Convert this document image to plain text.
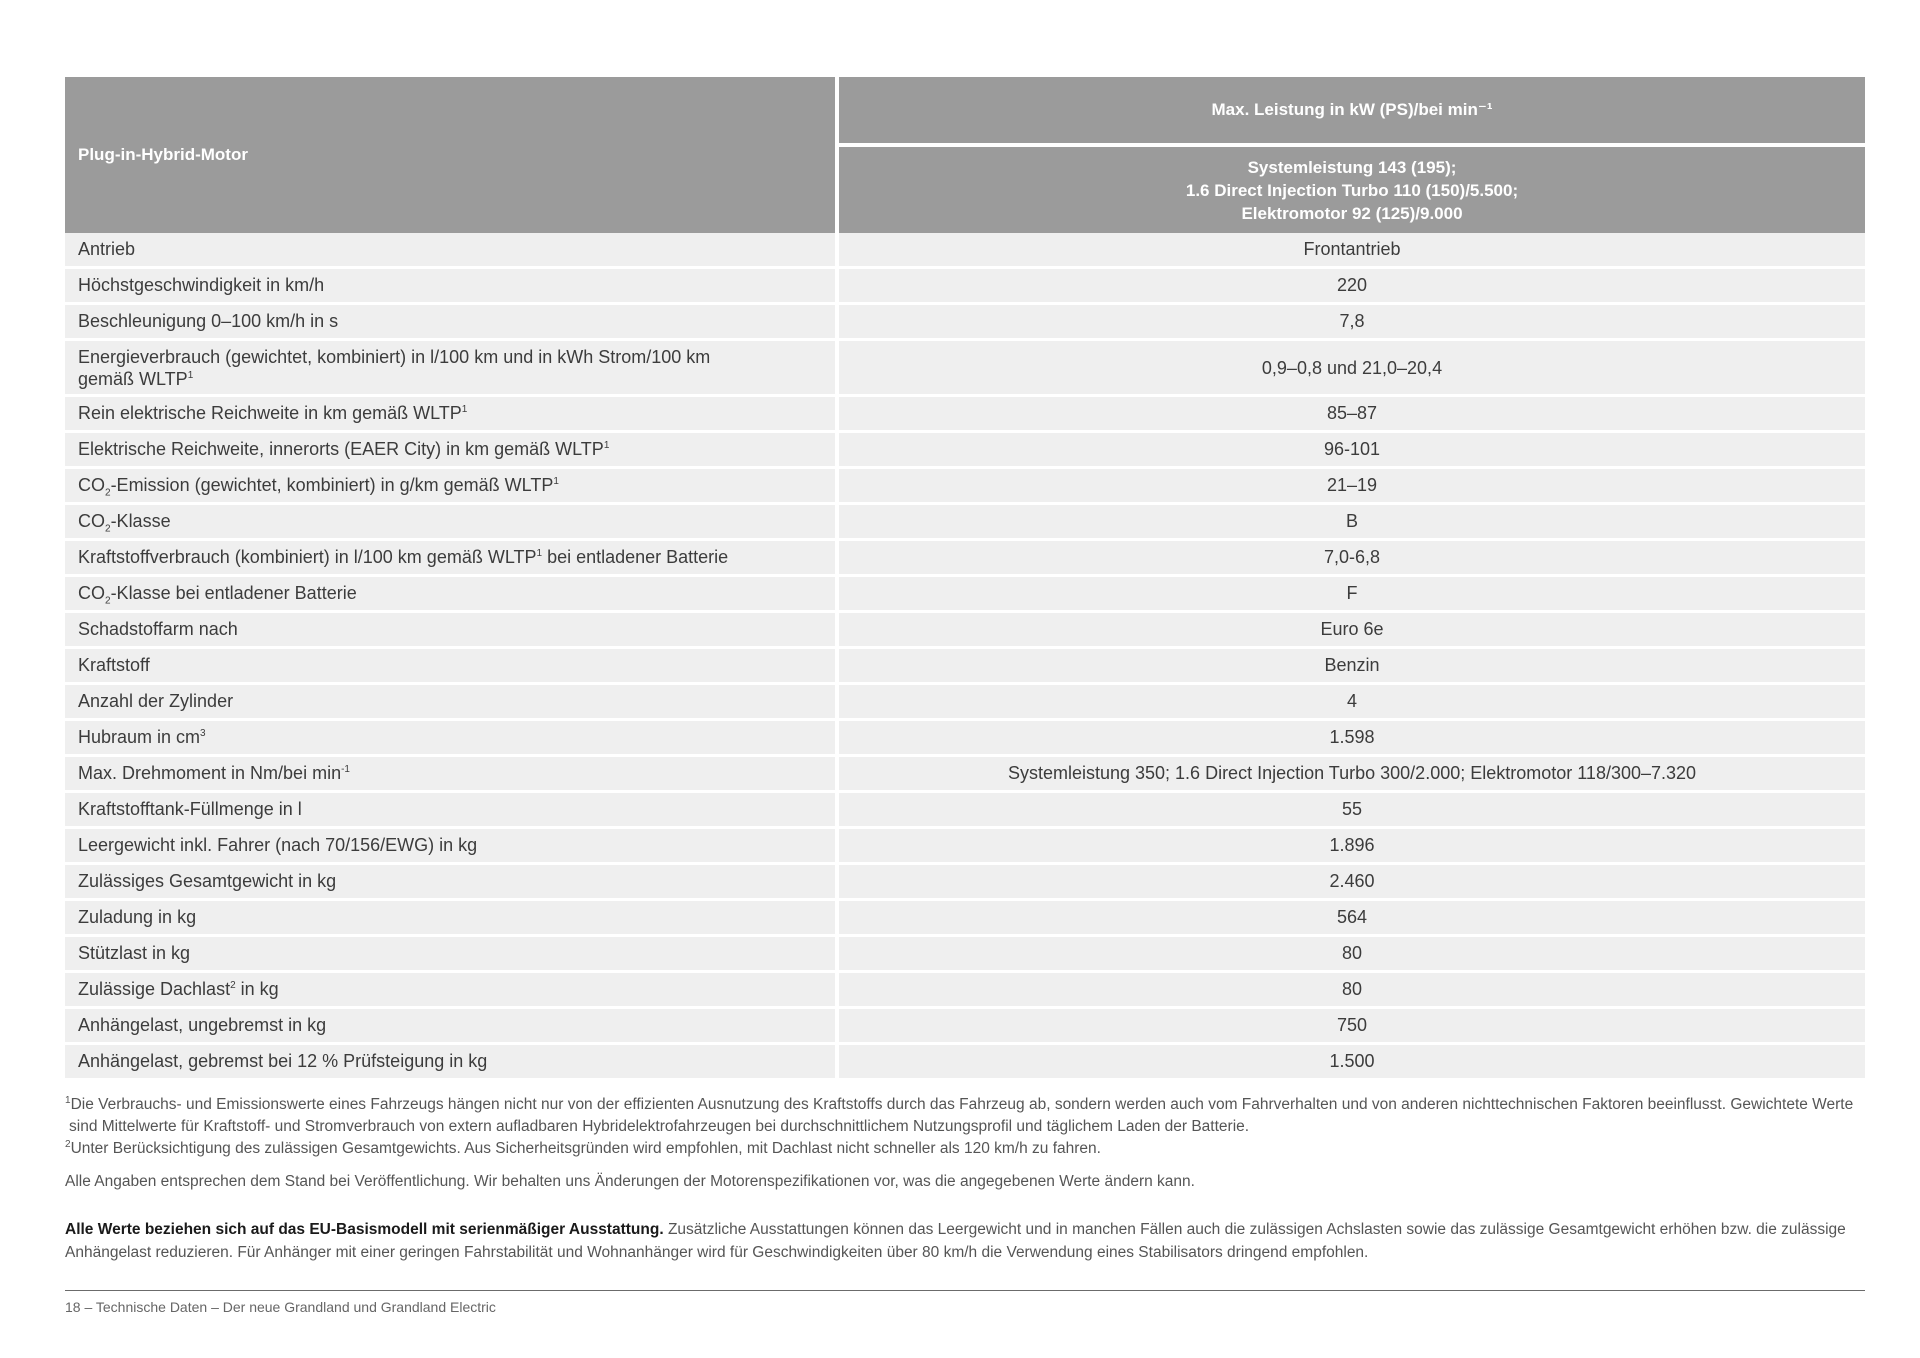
Plug-in-Hybrid-Motor	Max. Leistung in kW (PS)/bei min⁻¹

	Systemleistung 143 (195);
1.6 Direct Injection Turbo 110 (150)/5.500;
Elektromotor 92 (125)/9.000

Antrieb	Frontantrieb
Höchstgeschwindigkeit in km/h	220
Beschleunigung 0–100 km/h in s	7,8
Energieverbrauch (gewichtet, kombiniert) in l/100 km und in kWh Strom/100 km
gemäß WLTP$^1$	0,9–0,8 und 21,0–20,4
Rein elektrische Reichweite in km gemäß WLTP$^1$	85–87
Elektrische Reichweite, innerorts (EAER City) in km gemäß WLTP$^1$	96-101
$CO_2$-Emission (gewichtet, kombiniert) in g/km gemäß WLTP$^1$	21–19
$CO_2$-Klasse	B
Kraftstoffverbrauch (kombiniert) in l/100 km gemäß WLTP$^1$ bei entladener Batterie	7,0-6,8
$CO_2$-Klasse bei entladener Batterie	F
Schadstoffarm nach	Euro 6e
Kraftstoff	Benzin
Anzahl der Zylinder	4
Hubraum in $cm^3$	1.598
Max. Drehmoment in Nm/bei $\min^{-1}$	Systemleistung 350; 1.6 Direct Injection Turbo 300/2.000; Elektromotor 118/300–7.320
Kraftstofftank-Füllmenge in l	55
Leergewicht inkl. Fahrer (nach 70/156/EWG) in kg	1.896
Zulässiges Gesamtgewicht in kg	2.460
Zuladung in kg	564
Stützlast in kg	80
Zulässige Dachlast$^2$ in kg	80
Anhängelast, ungebremst in kg	750
Anhängelast, gebremst bei 12 % Prüfsteigung in kg	1.500

$^1$Die Verbrauchs- und Emissionswerte eines Fahrzeugs hängen nicht nur von der effizienten Ausnutzung des Kraftstoffs durch das Fahrzeug ab, sondern werden auch vom Fahrverhalten und von anderen nichttechnischen Faktoren beeinflusst. Gewichtete Werte sind Mittelwerte für Kraftstoff- und Stromverbrauch von extern aufladbaren Hybridelektrofahrzeugen bei durchschnittlichem Nutzungsprofil und täglichem Laden der Batterie.

$^2$Unter Berücksichtigung des zulässigen Gesamtgewichts. Aus Sicherheitsgründen wird empfohlen, mit Dachlast nicht schneller als 120 km/h zu fahren.

Alle Angaben entsprechen dem Stand bei Veröffentlichung. Wir behalten uns Änderungen der Motorenspezifikationen vor, was die angegebenen Werte ändern kann.
Alle Werte beziehen sich auf das EU-Basismodell mit serienmäßiger Ausstattung. Zusätzliche Ausstattungen können das Leergewicht und in manchen Fällen auch die zulässigen Achslasten sowie das zulässige Gesamtgewicht erhöhen bzw. die zulässige Anhängelast reduzieren. Für Anhänger mit einer geringen Fahrstabilität und Wohnanhänger wird für Geschwindigkeiten über 80 km/h die Verwendung eines Stabilisators dringend empfohlen.
18 – Technische Daten – Der neue Grandland und Grandland Electric
